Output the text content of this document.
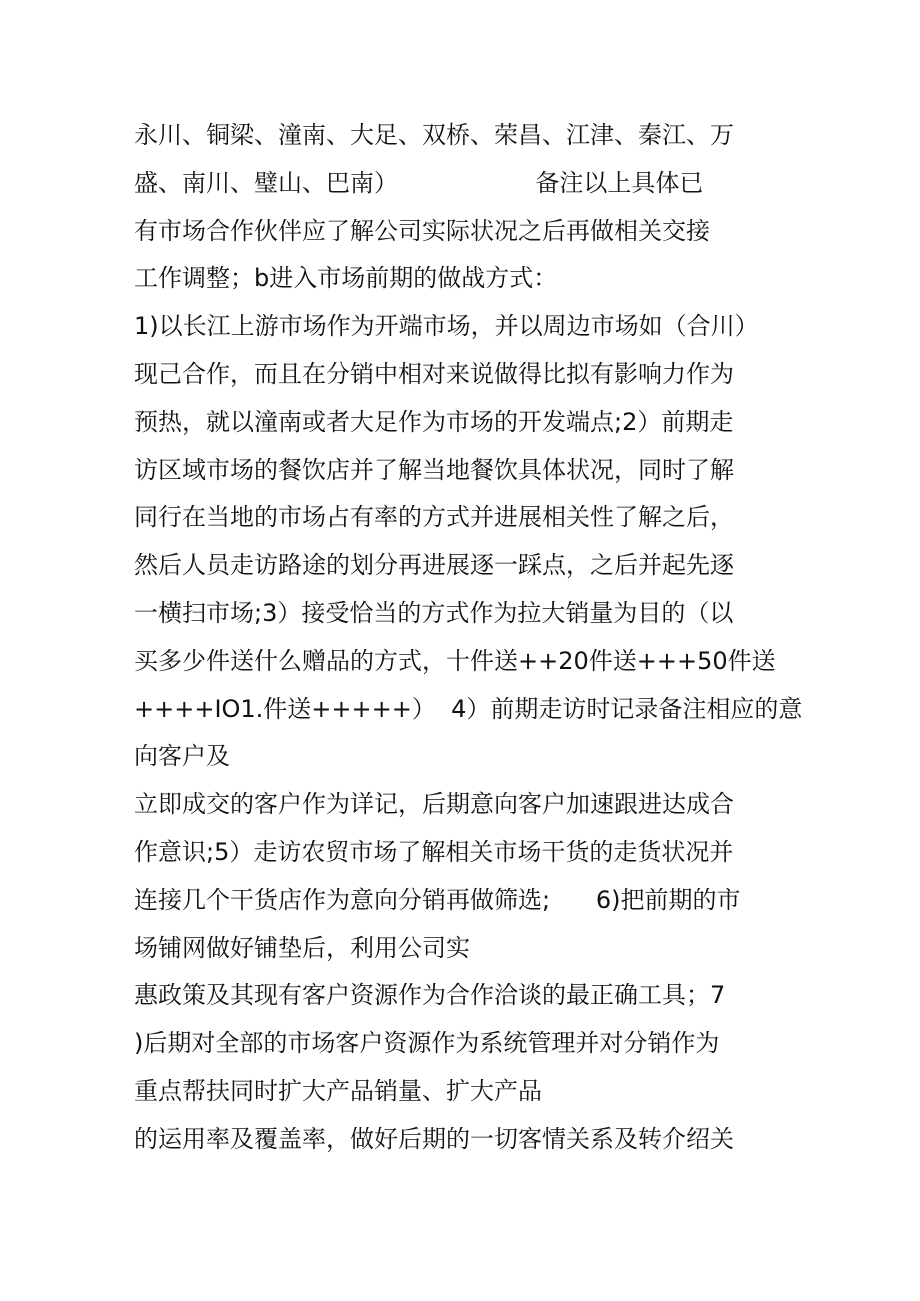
永川、铜梁、潼南、大足、双桥、荣昌、江津、秦江、万
盛、南川、璧山、巴南）                  备注以上具体已
有市场合作伙伴应了解公司实际状况之后再做相关交接
工作调整；b进入市场前期的做战方式：
1)以长江上游市场作为开端市场，并以周边市场如（合川）
现己合作，而且在分销中相对来说做得比拟有影响力作为
预热，就以潼南或者大足作为市场的开发端点;2）前期走
访区域市场的餐饮店并了解当地餐饮具体状况，同时了解
同行在当地的市场占有率的方式并进展相关性了解之后，
然后人员走访路途的划分再进展逐一踩点，之后并起先逐
一横扫市场;3）接受恰当的方式作为拉大销量为目的（以
买多少件送什么赠品的方式，十件送++20件送+++50件送
++++IO1.件送+++++）  4）前期走访时记录备注相应的意
向客户及
立即成交的客户作为详记，后期意向客户加速跟进达成合
作意识;5）走访农贸市场了解相关市场干货的走货状况并
连接几个干货店作为意向分销再做筛选;      6)把前期的市
场铺网做好铺垫后，利用公司实
惠政策及其现有客户资源作为合作洽谈的最正确工具；7
)后期对全部的市场客户资源作为系统管理并对分销作为
重点帮扶同时扩大产品销量、扩大产品
的运用率及覆盖率，做好后期的一切客情关系及转介绍关
